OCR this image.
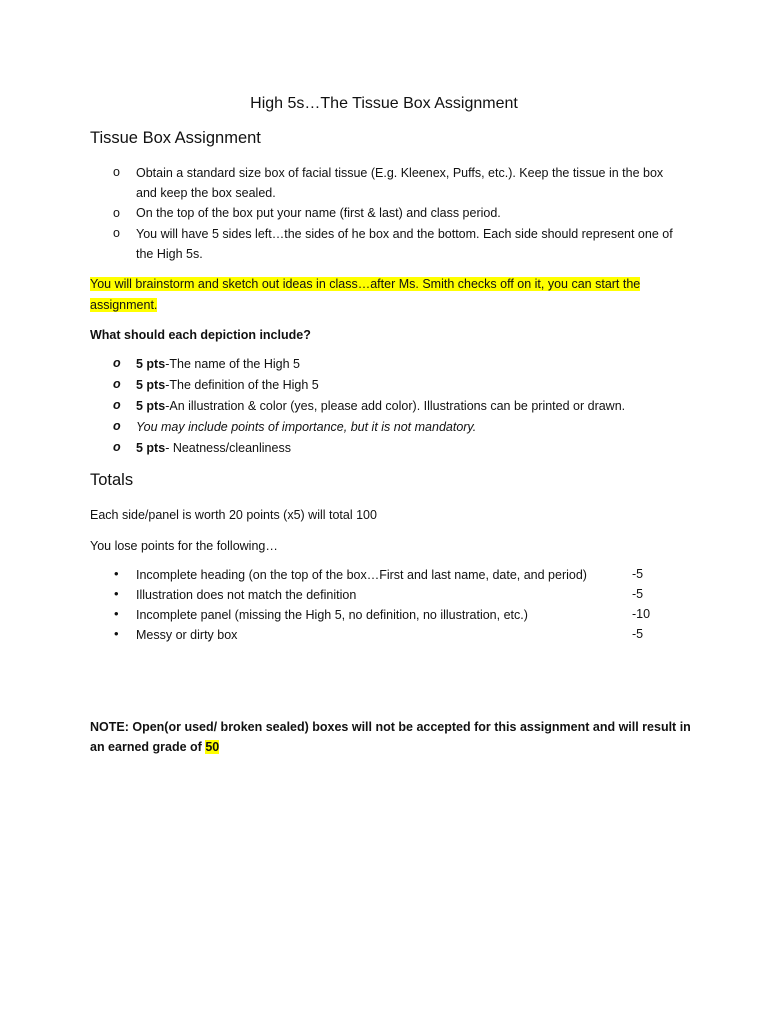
High 5s…The Tissue Box Assignment
Tissue Box Assignment
o Obtain a standard size box of facial tissue (E.g. Kleenex, Puffs, etc.). Keep the tissue in the box
and keep the box sealed.
o On the top of the box put your name (first & last) and class period.
o You will have 5 sides left…the sides of he box and the bottom. Each side should represent one of
the High 5s.
You will brainstorm and sketch out ideas in class…after Ms. Smith checks off on it, you can start the
assignment.
What should each depiction include?
o 5 pts-The name of the High 5
o 5 pts-The definition of the High 5
o 5 pts-An illustration & color (yes, please add color). Illustrations can be printed or drawn.
o You may include points of importance, but it is not mandatory.
o 5 pts- Neatness/cleanliness
Totals
Each side/panel is worth 20 points (x5) will total 100
You lose points for the following…
• Incomplete heading (on the top of the box…First and last name, date, and period)	-5
• Illustration does not match the definition	-5
• Incomplete panel (missing the High 5, no definition, no illustration, etc.)	-10
• Messy or dirty box	-5
NOTE: Open(or used/ broken sealed) boxes will not be accepted for this assignment and will result in
an earned grade of 50
